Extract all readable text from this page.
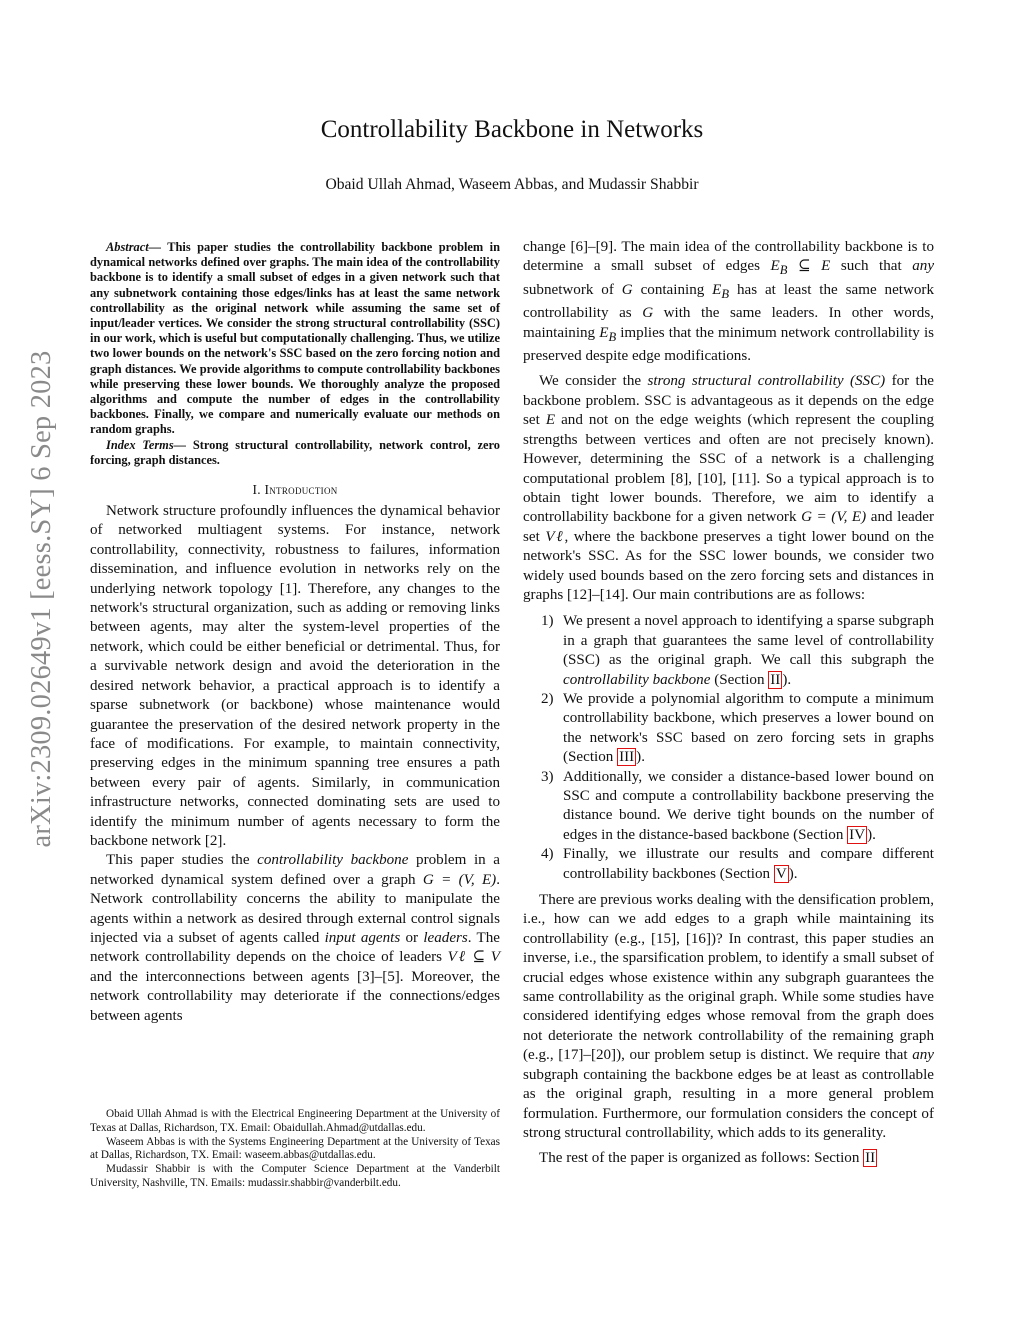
arXiv:2309.02649v1 [eess.SY] 6 Sep 2023
Controllability Backbone in Networks
Obaid Ullah Ahmad, Waseem Abbas, and Mudassir Shabbir

Abstract— This paper studies the controllability backbone problem in dynamical networks defined over graphs. The main idea of the controllability backbone is to identify a small subset of edges in a given network such that any subnetwork containing those edges/links has at least the same network controllability as the original network while assuming the same set of input/leader vertices. We consider the strong structural controllability (SSC) in our work, which is useful but computationally challenging. Thus, we utilize two lower bounds on the network's SSC based on the zero forcing notion and graph distances. We provide algorithms to compute controllability backbones while preserving these lower bounds. We thoroughly analyze the proposed algorithms and compute the number of edges in the controllability backbones. Finally, we compare and numerically evaluate our methods on random graphs.

Index Terms— Strong structural controllability, network control, zero forcing, graph distances.

I. Introduction

Network structure profoundly influences the dynamical behavior of networked multiagent systems. For instance, network controllability, connectivity, robustness to failures, information dissemination, and influence evolution in networks rely on the underlying network topology [1]. Therefore, any changes to the network's structural organization, such as adding or removing links between agents, may alter the system-level properties of the network, which could be either beneficial or detrimental. Thus, for a survivable network design and avoid the deterioration in the desired network behavior, a practical approach is to identify a sparse subnetwork (or backbone) whose maintenance would guarantee the preservation of the desired network property in the face of modifications. For example, to maintain connectivity, preserving edges in the minimum spanning tree ensures a path between every pair of agents. Similarly, in communication infrastructure networks, connected dominating sets are used to identify the minimum number of agents necessary to form the backbone network [2].

This paper studies the controllability backbone problem in a networked dynamical system defined over a graph G = (V, E). Network controllability concerns the ability to manipulate the agents within a network as desired through external control signals injected via a subset of agents called input agents or leaders. The network controllability depends on the choice of leaders Vℓ ⊆ V and the interconnections between agents [3]–[5]. Moreover, the network controllability may deteriorate if the connections/edges between agents

Obaid Ullah Ahmad is with the Electrical Engineering Department at the University of Texas at Dallas, Richardson, TX. Email: Obaidullah.Ahmad@utdallas.edu.

Waseem Abbas is with the Systems Engineering Department at the University of Texas at Dallas, Richardson, TX. Email: waseem.abbas@utdallas.edu.

Mudassir Shabbir is with the Computer Science Department at the Vanderbilt University, Nashville, TN. Emails: mudassir.shabbir@vanderbilt.edu.

change [6]–[9]. The main idea of the controllability backbone is to determine a small subset of edges $E_B$ ⊆ E such that any subnetwork of G containing $E_B$ has at least the same network controllability as G with the same leaders. In other words, maintaining $E_B$ implies that the minimum network controllability is preserved despite edge modifications.

We consider the strong structural controllability (SSC) for the backbone problem. SSC is advantageous as it depends on the edge set E and not on the edge weights (which represent the coupling strengths between vertices and often are not precisely known). However, determining the SSC of a network is a challenging computational problem [8], [10], [11]. So a typical approach is to obtain tight lower bounds. Therefore, we aim to identify a controllability backbone for a given network G = (V, E) and leader set Vℓ, where the backbone preserves a tight lower bound on the network's SSC. As for the SSC lower bounds, we consider two widely used bounds based on the zero forcing sets and distances in graphs [12]–[14]. Our main contributions are as follows:

1) We present a novel approach to identifying a sparse subgraph in a graph that guarantees the same level of controllability (SSC) as the original graph. We call this subgraph the controllability backbone (Section II ).
2) We provide a polynomial algorithm to compute a minimum controllability backbone, which preserves a lower bound on the network's SSC based on zero forcing sets in graphs (Section III ).
3) Additionally, we consider a distance-based lower bound on SSC and compute a controllability backbone preserving the distance bound. We derive tight bounds on the number of edges in the distance-based backbone (Section IV ).
4) Finally, we illustrate our results and compare different controllability backbones (Section V ).

There are previous works dealing with the densification problem, i.e., how can we add edges to a graph while maintaining its controllability (e.g., [15], [16])? In contrast, this paper studies an inverse, i.e., the sparsification problem, to identify a small subset of crucial edges whose existence within any subgraph guarantees the same controllability as the original graph. While some studies have considered identifying edges whose removal from the graph does not deteriorate the network controllability of the remaining graph (e.g., [17]–[20]), our problem setup is distinct. We require that any subgraph containing the backbone edges be at least as controllable as the original graph, resulting in a more general problem formulation. Furthermore, our formulation considers the concept of strong structural controllability, which adds to its generality.

The rest of the paper is organized as follows: Section II
